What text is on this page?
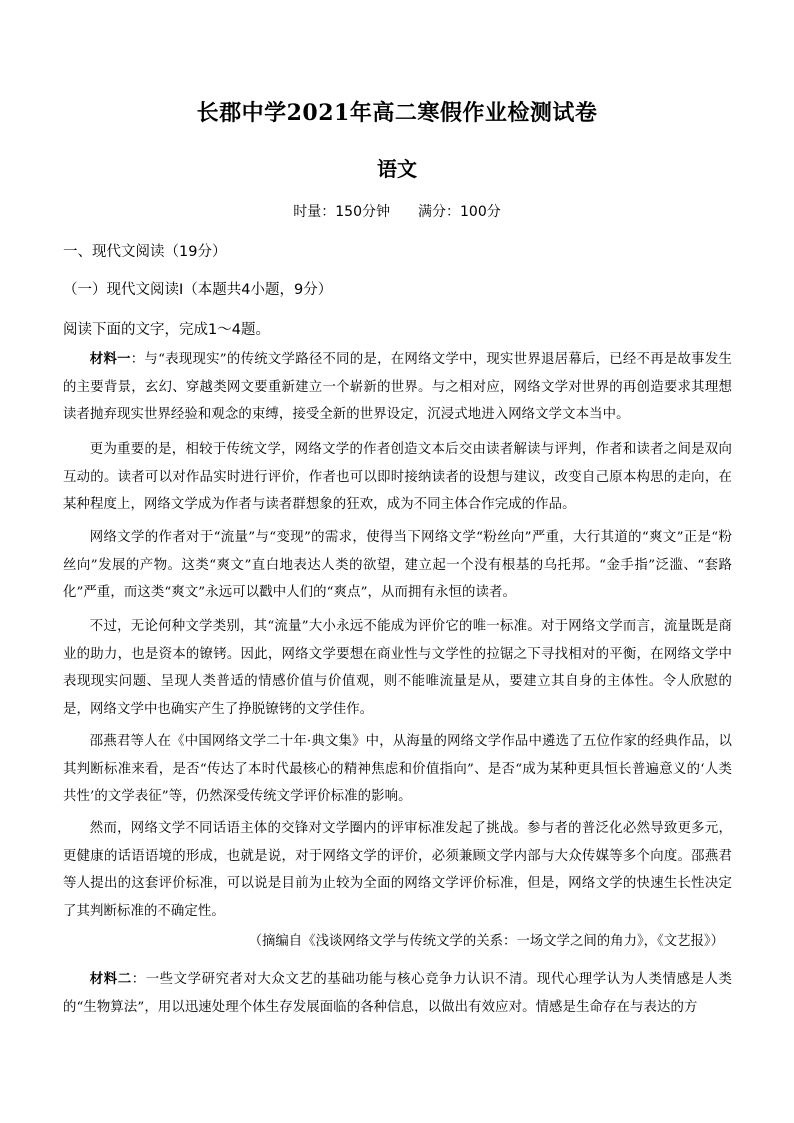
长郡中学2021年高二寒假作业检测试卷
语文
时量：150分钟 满分：100分
一、现代文阅读（19分）
（一）现代文阅读Ⅰ（本题共4小题，9分）
阅读下面的文字，完成1～4题。

材料一：与“表现现实”的传统文学路径不同的是，在网络文学中，现实世界退居幕后，已经不再是故事发生的主要背景，玄幻、穿越类网文要重新建立一个崭新的世界。与之相对应，网络文学对世界的再创造要求其理想读者抛弃现实世界经验和观念的束缚，接受全新的世界设定，沉浸式地进入网络文学文本当中。

更为重要的是，相较于传统文学，网络文学的作者创造文本后交由读者解读与评判，作者和读者之间是双向互动的。读者可以对作品实时进行评价，作者也可以即时接纳读者的设想与建议，改变自己原本构思的走向，在某种程度上，网络文学成为作者与读者群想象的狂欢，成为不同主体合作完成的作品。

网络文学的作者对于“流量”与“变现”的需求，使得当下网络文学“粉丝向”严重，大行其道的“爽文”正是“粉丝向”发展的产物。这类“爽文”直白地表达人类的欲望，建立起一个没有根基的乌托邦。“金手指”泛滥、“套路化”严重，而这类“爽文”永远可以戳中人们的“爽点”，从而拥有永恒的读者。

不过，无论何种文学类别，其“流量”大小永远不能成为评价它的唯一标准。对于网络文学而言，流量既是商业的助力，也是资本的镣铐。因此，网络文学要想在商业性与文学性的拉锯之下寻找相对的平衡，在网络文学中表现现实问题、呈现人类普适的情感价值与价值观，则不能唯流量是从，要建立其自身的主体性。令人欣慰的是，网络文学中也确实产生了挣脱镣铐的文学佳作。

邵燕君等人在《中国网络文学二十年·典文集》中，从海量的网络文学作品中遴选了五位作家的经典作品，以其判断标准来看，是否“传达了本时代最核心的精神焦虑和价值指向”、是否“成为某种更具恒长普遍意义的‘人类共性’的文学表征”等，仍然深受传统文学评价标准的影响。

然而，网络文学不同话语主体的交锋对文学圈内的评审标准发起了挑战。参与者的普泛化必然导致更多元，更健康的话语语境的形成，也就是说，对于网络文学的评价，必须兼顾文学内部与大众传媒等多个向度。邵燕君等人提出的这套评价标准，可以说是目前为止较为全面的网络文学评价标准，但是，网络文学的快速生长性决定了其判断标准的不确定性。

（摘编自《浅谈网络文学与传统文学的关系：一场文学之间的角力》，《文艺报》）

材料二：一些文学研究者对大众文艺的基础功能与核心竞争力认识不清。现代心理学认为人类情感是人类的“生物算法”，用以迅速处理个体生存发展面临的各种信息，以做出有效应对。情感是生命存在与表达的方
